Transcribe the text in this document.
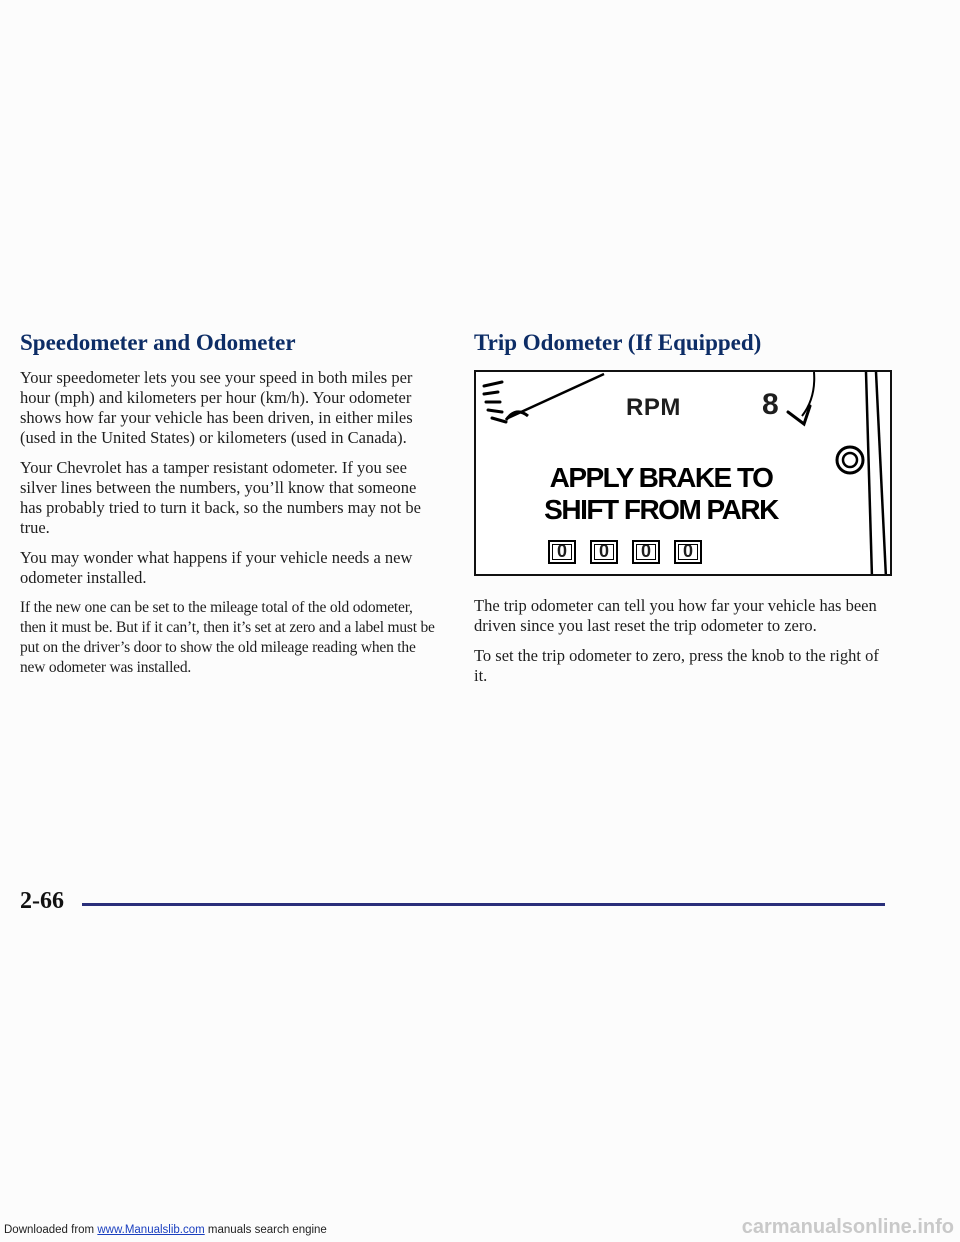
Speedometer and Odometer

Your speedometer lets you see your speed in both miles per hour (mph) and kilometers per hour (km/h). Your odometer shows how far your vehicle has been driven, in either miles (used in the United States) or kilometers (used in Canada).

Your Chevrolet has a tamper resistant odometer. If you see silver lines between the numbers, you’ll know that someone has probably tried to turn it back, so the numbers may not be true.

You may wonder what happens if your vehicle needs a new odometer installed.

If the new one can be set to the mileage total of the old odometer, then it must be. But if it can’t, then it’s set at zero and a label must be put on the driver’s door to show the old mileage reading when the new odometer was installed.

Trip Odometer (If Equipped)
RPM	8
APPLY BRAKE TO
SHIFT FROM PARK
0	0	0	0

The trip odometer can tell you how far your vehicle has been driven since you last reset the trip odometer to zero.

To set the trip odometer to zero, press the knob to the right of it.

2-66
Downloaded from www.Manualslib.com manuals search engine	carmanualsonline.info
